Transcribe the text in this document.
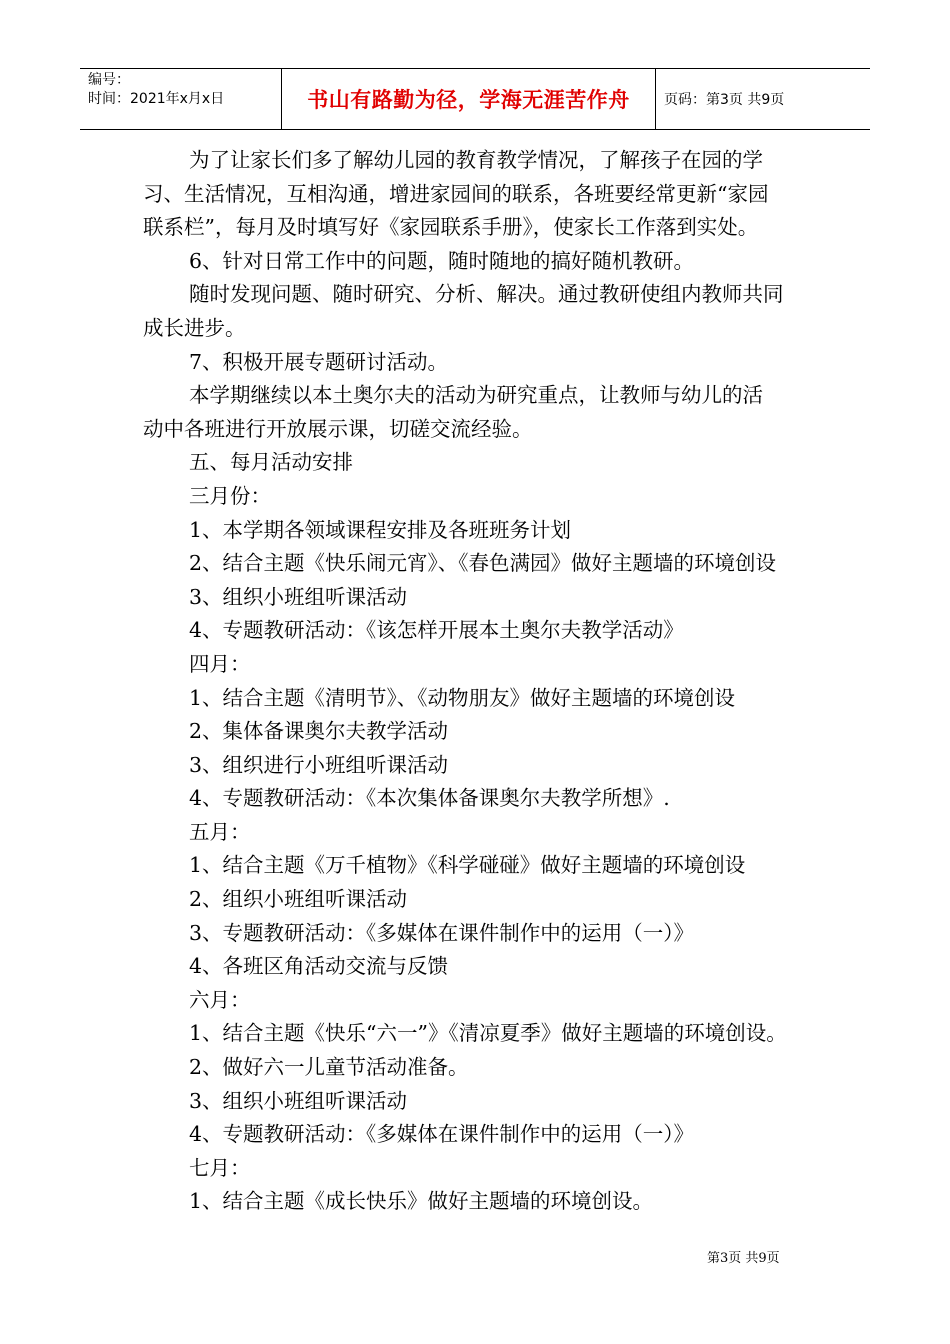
编号：
时间：2021年x月x日	书山有路勤为径，学海无涯苦作舟	页码：第3页 共9页

为了让家长们多了解幼儿园的教育教学情况，了解孩子在园的学

习、生活情况，互相沟通，增进家园间的联系，各班要经常更新“家园

联系栏”，每月及时填写好《家园联系手册》，使家长工作落到实处。

6、针对日常工作中的问题，随时随地的搞好随机教研。

随时发现问题、随时研究、分析、解决。通过教研使组内教师共同

成长进步。

7、积极开展专题研讨活动。

本学期继续以本土奥尔夫的活动为研究重点，让教师与幼儿的活

动中各班进行开放展示课，切磋交流经验。

五、每月活动安排

三月份：

1、本学期各领域课程安排及各班班务计划

2、结合主题《快乐闹元宵》、《春色满园》做好主题墙的环境创设

3、组织小班组听课活动

4、专题教研活动：《该怎样开展本土奥尔夫教学活动》

四月：

1、结合主题《清明节》、《动物朋友》做好主题墙的环境创设

2、集体备课奥尔夫教学活动

3、组织进行小班组听课活动

4、专题教研活动：《本次集体备课奥尔夫教学所想》.

五月：

1、结合主题《万千植物》《科学碰碰》做好主题墙的环境创设

2、组织小班组听课活动

3、专题教研活动：《多媒体在课件制作中的运用（一）》

4、各班区角活动交流与反馈

六月：

1、结合主题《快乐“六一”》《清凉夏季》做好主题墙的环境创设。

2、做好六一儿童节活动准备。

3、组织小班组听课活动

4、专题教研活动：《多媒体在课件制作中的运用（一）》

七月：

1、结合主题《成长快乐》做好主题墙的环境创设。

第3页 共9页
